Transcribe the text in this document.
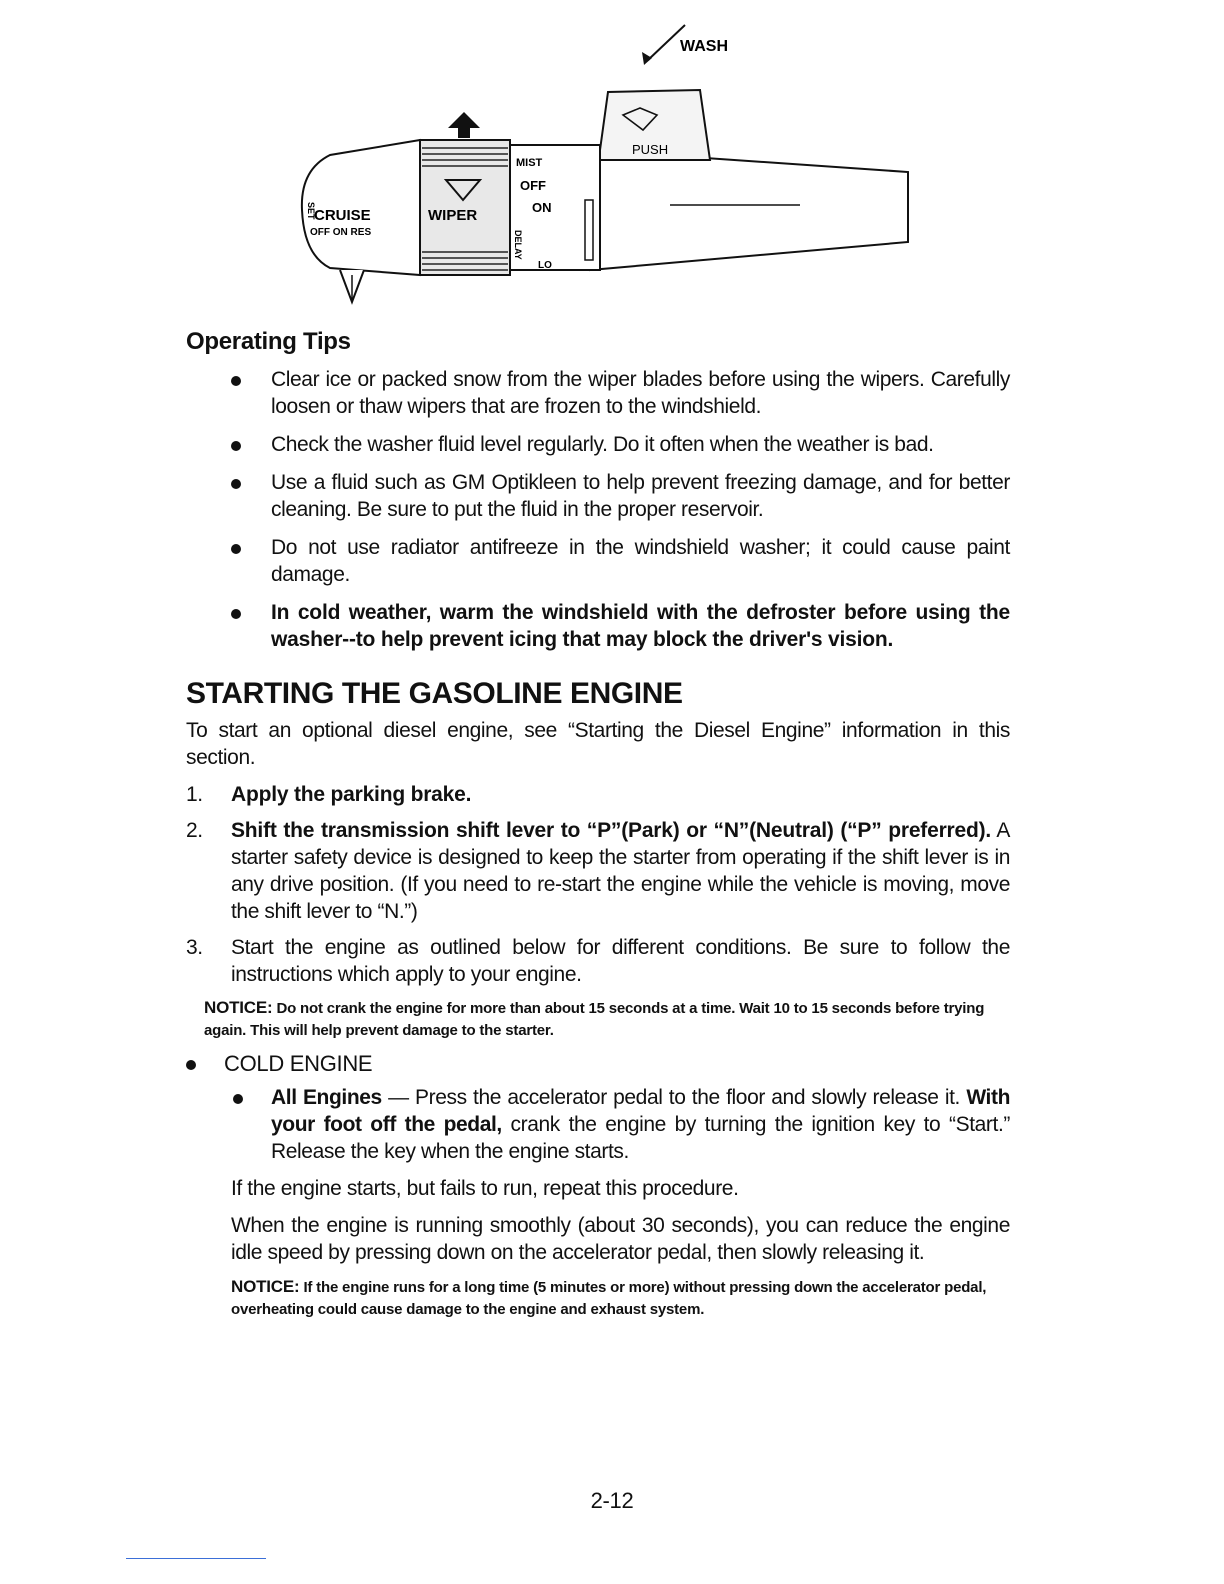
WASH
PUSH
SET
CRUISE
OFF ON RES
WIPER
MIST
OFF
ON
DELAY
LO
Operating Tips
Clear ice or packed snow from the wiper blades before using the wipers. Carefully loosen or thaw wipers that are frozen to the windshield.
Check the washer fluid level regularly. Do it often when the weather is bad.
Use a fluid such as GM Optikleen to help prevent freezing damage, and for better cleaning. Be sure to put the fluid in the proper reservoir.
Do not use radiator antifreeze in the windshield washer; it could cause paint damage.
In cold weather, warm the windshield with the defroster before using the washer--to help prevent icing that may block the driver's vision.
STARTING THE GASOLINE ENGINE
To start an optional diesel engine, see “Starting the Diesel Engine” information in this section.
1. Apply the parking brake.
2. Shift the transmission shift lever to “P”(Park) or “N”(Neutral) (“P” preferred). A starter safety device is designed to keep the starter from operating if the shift lever is in any drive position. (If you need to re-start the engine while the vehicle is moving, move the shift lever to “N.”)
3. Start the engine as outlined below for different conditions. Be sure to follow the instructions which apply to your engine.
NOTICE: Do not crank the engine for more than about 15 seconds at a time. Wait 10 to 15 seconds before trying again. This will help prevent damage to the starter.
COLD ENGINE
All Engines — Press the accelerator pedal to the floor and slowly release it. With your foot off the pedal, crank the engine by turning the ignition key to “Start.” Release the key when the engine starts.
If the engine starts, but fails to run, repeat this procedure.
When the engine is running smoothly (about 30 seconds), you can reduce the engine idle speed by pressing down on the accelerator pedal, then slowly releasing it.
NOTICE: If the engine runs for a long time (5 minutes or more) without pressing down the accelerator pedal, overheating could cause damage to the engine and exhaust system.
2-12
